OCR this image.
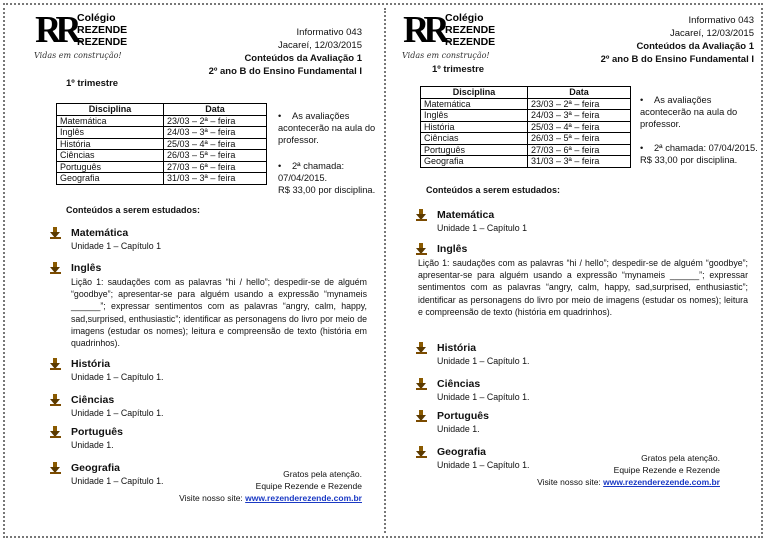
RR Colégio
REZENDE
REZENDE
Vidas em construção!
Informativo 043
Jacareí, 12/03/2015
Conteúdos da Avaliação 1
2º ano B do Ensino Fundamental I
1º trimestre
Disciplina	Data
Matemática	23/03 – 2ª – feira
Inglês	24/03 – 3ª – feira
História	25/03 – 4ª – feira
Ciências	26/03 – 5ª – feira
Português	27/03 – 6ª – feira
Geografia	31/03 – 3ª – feira
• As avaliações acontecerão na aula do professor.
• 2ª chamada: 07/04/2015.
R$ 33,00 por disciplina.
Conteúdos a serem estudados:
Matemática
Unidade 1 – Capítulo 1
Inglês
Lição 1: saudações com as palavras “hi / hello”; despedir-se de alguém “goodbye”; apresentar-se para alguém usando a expressão “mynameis ______”; expressar sentimentos com as palavras “angry, calm, happy, sad,surprised, enthusiastic”; identificar as personagens do livro por meio de imagens (estudar os nomes); leitura e compreensão de texto (história em quadrinhos).
História
Unidade 1 – Capítulo 1.
Ciências
Unidade 1 – Capítulo 1.
Português
Unidade 1.
Geografia
Unidade 1 – Capítulo 1.
Gratos pela atenção.
Equipe Rezende e Rezende
Visite nosso site: www.rezenderezende.com.br
RR Colégio
REZENDE
REZENDE
Vidas em construção!
Informativo 043
Jacareí, 12/03/2015
Conteúdos da Avaliação 1
2º ano B do Ensino Fundamental I
1º trimestre
Disciplina	Data
Matemática	23/03 – 2ª – feira
Inglês	24/03 – 3ª – feira
História	25/03 – 4ª – feira
Ciências	26/03 – 5ª – feira
Português	27/03 – 6ª – feira
Geografia	31/03 – 3ª – feira
• As avaliações acontecerão na aula do professor.
• 2ª chamada: 07/04/2015.
R$ 33,00 por disciplina.
Conteúdos a serem estudados:
Matemática
Unidade 1 – Capítulo 1
Inglês
Lição 1: saudações com as palavras “hi / hello”; despedir-se de alguém “goodbye”; apresentar-se para alguém usando a expressão “mynameis ______”; expressar sentimentos com as palavras “angry, calm, happy, sad,surprised, enthusiastic”; identificar as personagens do livro por meio de imagens (estudar os nomes); leitura e compreensão de texto (história em quadrinhos).
História
Unidade 1 – Capítulo 1.
Ciências
Unidade 1 – Capítulo 1.
Português
Unidade 1.
Geografia
Unidade 1 – Capítulo 1.
Gratos pela atenção.
Equipe Rezende e Rezende
Visite nosso site: www.rezenderezende.com.br
